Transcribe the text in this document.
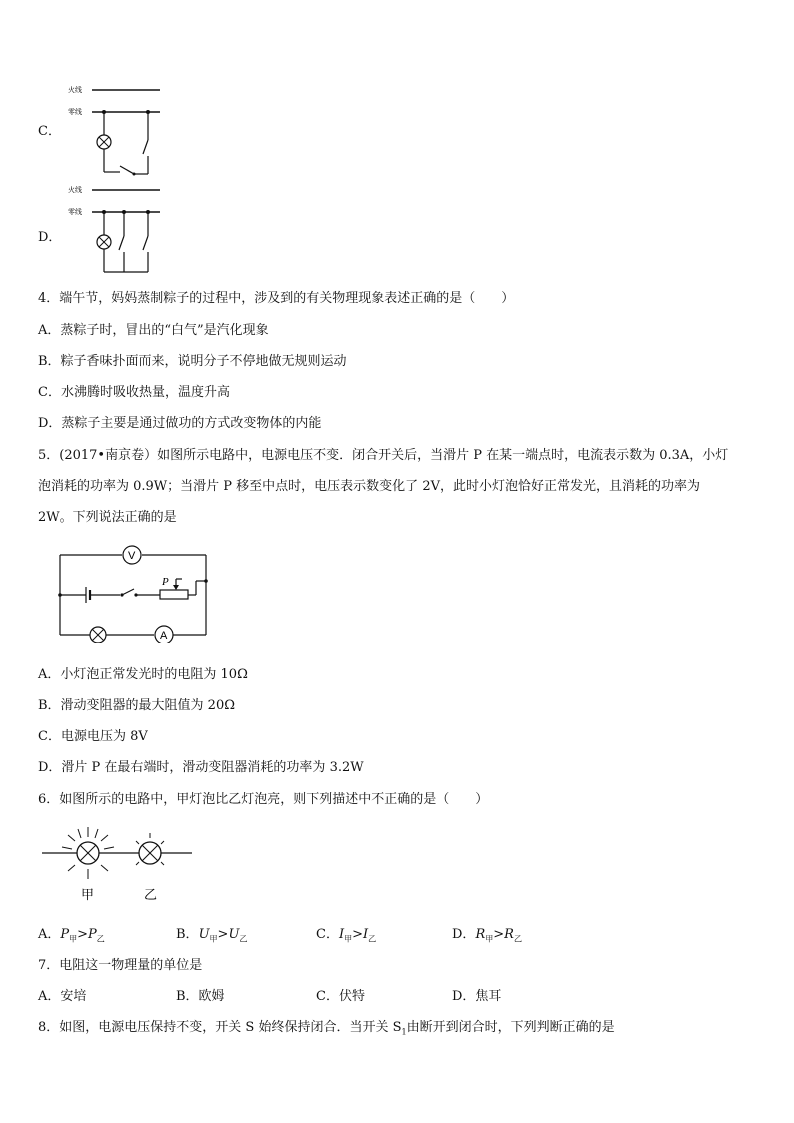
C．
火线
零线
D．
火线
零线
4．端午节，妈妈蒸制粽子的过程中，涉及到的有关物理现象表述正确的是（　　）
A．蒸粽子时，冒出的“白气”是汽化现象
B．粽子香味扑面而来，说明分子不停地做无规则运动
C．水沸腾时吸收热量，温度升高
D．蒸粽子主要是通过做功的方式改变物体的内能
5．(2017•南京卷）如图所示电路中，电源电压不变．闭合开关后，当滑片 P 在某一端点时，电流表示数为 0.3A，小灯
泡消耗的功率为 0.9W；当滑片 P 移至中点时，电压表示数变化了 2V，此时小灯泡恰好正常发光，且消耗的功率为
2W。下列说法正确的是
V
P
A
A．小灯泡正常发光时的电阻为 10Ω
B．滑动变阻器的最大阻值为 20Ω
C．电源电压为 8V
D．滑片 P 在最右端时，滑动变阻器消耗的功率为 3.2W
6．如图所示的电路中，甲灯泡比乙灯泡亮，则下列描述中不正确的是（　　）
甲	乙
A．$P_甲>P_乙$	B．$U_甲>U_乙$	C．$I_甲>I_乙$	D．$R_甲>R_乙$
7．电阻这一物理量的单位是
A．安培	B．欧姆	C．伏特	D．焦耳
8．如图，电源电压保持不变，开关 S 始终保持闭合．当开关 $S_1$由断开到闭合时，下列判断正确的是
